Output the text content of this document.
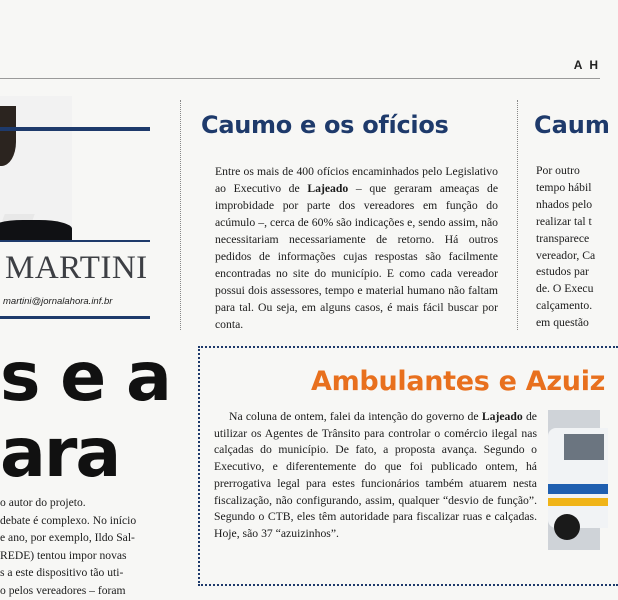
A H
MARTINI
martini@jornalahora.inf.br
s e a
ara
o autor do projeto.
debate é complexo. No início
e ano, por exemplo, Ildo Sal-
REDE) tentou impor novas
s a este dispositivo tão uti-
o pelos vereadores – foram
Caumo e os ofícios

Entre os mais de 400 ofícios encaminhados pelo Legislativo ao Executivo de Lajeado – que geraram ameaças de improbidade por parte dos vereadores em função do acúmulo –, cerca de 60% são indicações e, sendo assim, não necessitariam necessariamente de retorno. Há outros pedidos de informações cujas respostas são facilmente encontradas no site do município. E como cada vereador possui dois assessores, tempo e material humano não faltam para tal. Ou seja, em alguns casos, é mais fácil buscar por conta.

Caum
Por outro
tempo hábil
nhados pelo
realizar tal t
transparece
vereador, Ca
estudos par
de. O Execu
calçamento.
em questão
Ambulantes e Azuiz
Na coluna de ontem, falei da intenção do governo de Lajeado de utilizar os Agentes de Trânsito para controlar o comércio ilegal nas calçadas do município. De fato, a proposta avança. Segundo o Executivo, e diferentemente do que foi publicado ontem, há prerrogativa legal para estes funcionários também atuarem nesta fiscalização, não configurando, assim, qualquer “desvio de função”. Segundo o CTB, eles têm autoridade para fiscalizar ruas e calçadas. Hoje, são 37 “azuizinhos”.
